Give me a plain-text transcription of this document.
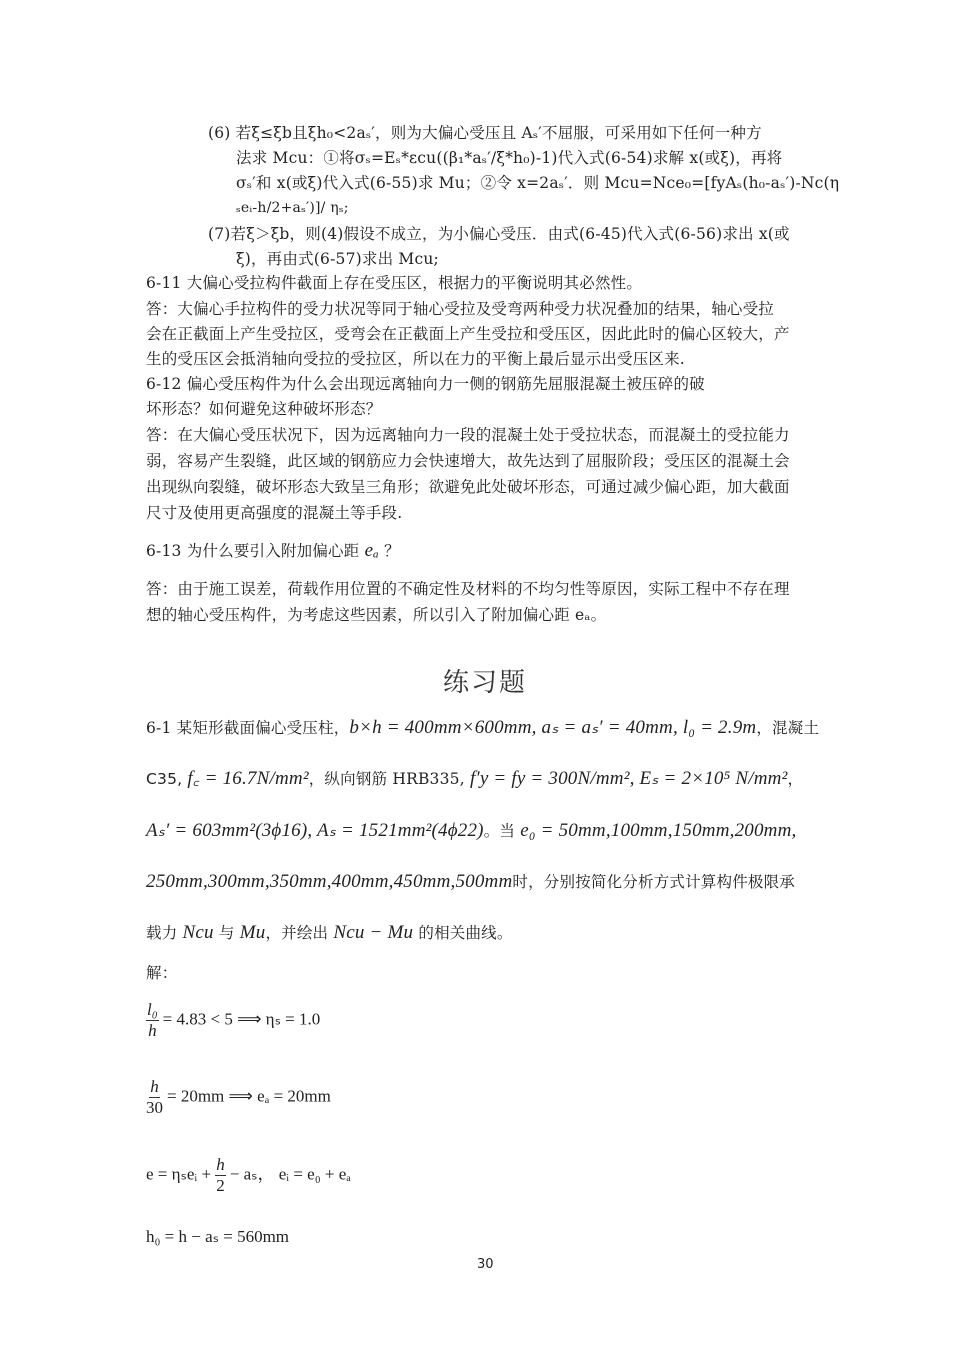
(6) 若ξ≤ξb且ξh₀<2aₛ′，则为大偏心受压且 Aₛ′不屈服，可采用如下任何一种方
法求 Mcu：①将σₛ=Eₛ*εcu((β₁*aₛ′/ξ*h₀)-1)代入式(6-54)求解 x(或ξ)，再将
σₛ′和 x(或ξ)代入式(6-55)求 Mu；②令 x=2aₛ′．则 Mcu=Nce₀=[fyAₛ(h₀-aₛ′)-Nc(η
ₛeᵢ-h/2+aₛ′)]/ ηₛ;
(7)若ξ＞ξb，则(4)假设不成立，为小偏心受压．由式(6-45)代入式(6-56)求出 x(或
ξ)，再由式(6-57)求出 Mcu;
6-11 大偏心受拉构件截面上存在受压区，根据力的平衡说明其必然性。
答：大偏心手拉构件的受力状况等同于轴心受拉及受弯两种受力状况叠加的结果，轴心受拉
会在正截面上产生受拉区，受弯会在正截面上产生受拉和受压区，因此此时的偏心区较大，产
生的受压区会抵消轴向受拉的受拉区，所以在力的平衡上最后显示出受压区来.
6-12 偏心受压构件为什么会出现远离轴向力一侧的钢筋先屈服混凝土被压碎的破
坏形态？如何避免这种破坏形态？
答：在大偏心受压状况下，因为远离轴向力一段的混凝土处于受拉状态，而混凝土的受拉能力
弱，容易产生裂缝，此区域的钢筋应力会快速增大，故先达到了屈服阶段；受压区的混凝土会
出现纵向裂缝，破坏形态大致呈三角形；欲避免此处破坏形态，可通过减少偏心距，加大截面
尺寸及使用更高强度的混凝土等手段.
6-13 为什么要引入附加偏心距 eₐ ？
答：由于施工误差，荷载作用位置的不确定性及材料的不均匀性等原因，实际工程中不存在理
想的轴心受压构件，为考虑这些因素，所以引入了附加偏心距 eₐ。
练习题
6-1 某矩形截面偏心受压柱，b×h = 400mm×600mm, aₛ = aₛ′ = 40mm, l₀ = 2.9m，混凝土
C35, f꜀ = 16.7N/mm²，纵向钢筋 HRB335, f′y = fy = 300N/mm², Eₛ = 2×10⁵ N/mm²，
Aₛ′ = 603mm²(3ϕ16), Aₛ = 1521mm²(4ϕ22)。当 e₀ = 50mm,100mm,150mm,200mm,
250mm,300mm,350mm,400mm,450mm,500mm时，分别按简化分析方式计算构件极限承
载力 Ncu 与 Mu，并绘出 Ncu − Mu 的相关曲线。
解：
$\frac{\text{l₀}}{h} = 4.83 < 5$ ⟹ ηₛ = 1.0
$\frac{h}{30} = 20mm$ ⟹ eₐ = 20mm
e = ηₛeᵢ + $\frac{h}{2} - a_s$， eᵢ = e₀ + eₐ
h₀ = h − aₛ = 560mm
30
